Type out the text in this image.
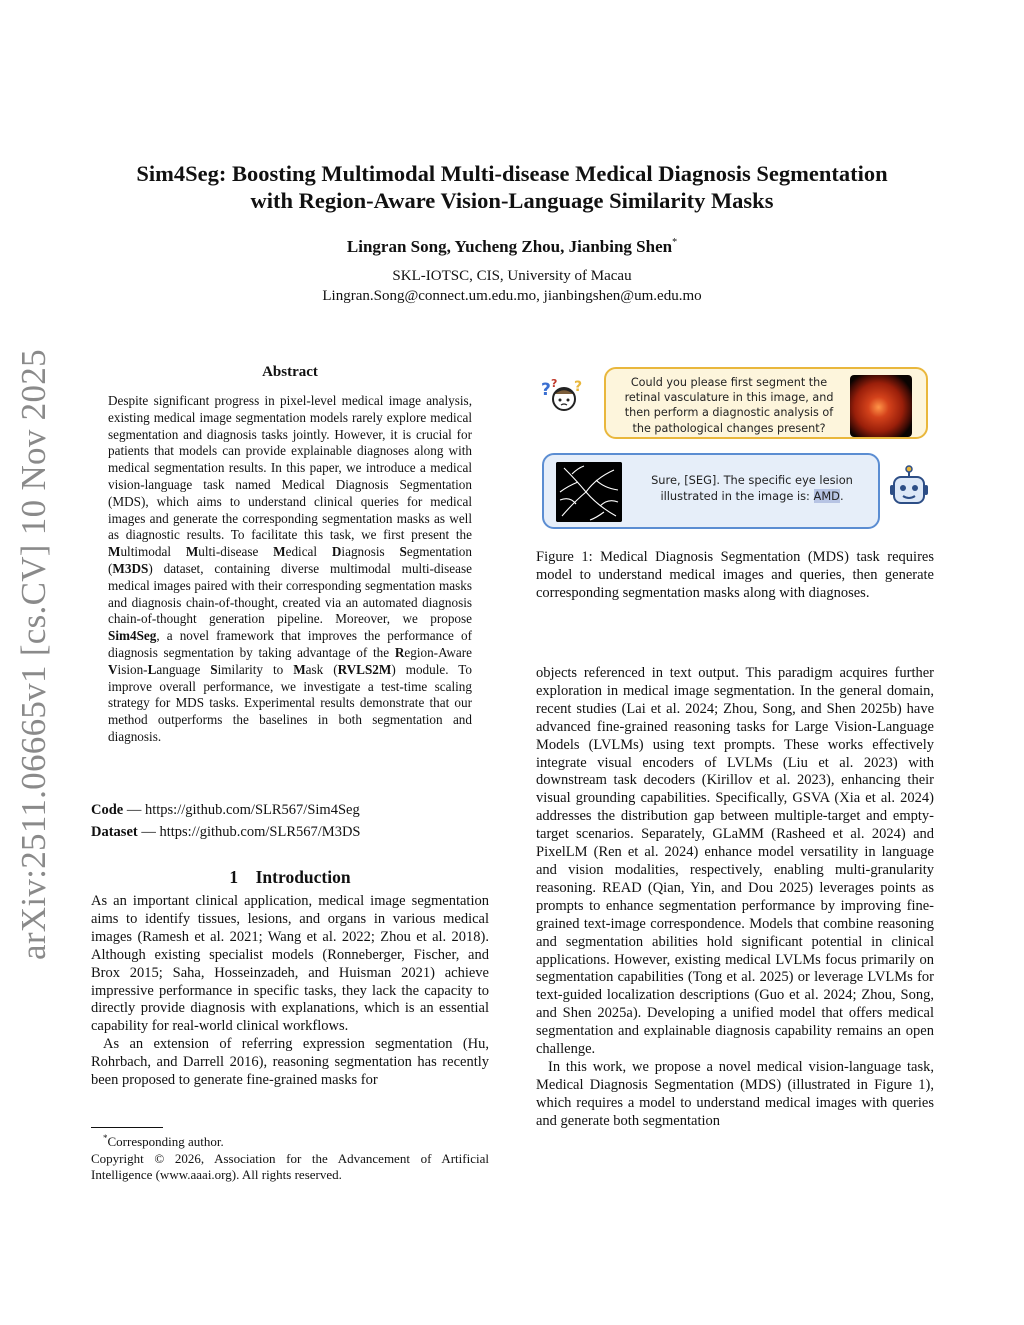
arXiv:2511.06665v1 [cs.CV] 10 Nov 2025
Sim4Seg: Boosting Multimodal Multi-disease Medical Diagnosis Segmentation
with Region-Aware Vision-Language Similarity Masks
Lingran Song, Yucheng Zhou, Jianbing Shen*
SKL-IOTSC, CIS, University of Macau
Lingran.Song@connect.um.edu.mo, jianbingshen@um.edu.mo
Abstract
Despite significant progress in pixel-level medical image analysis, existing medical image segmentation models rarely explore medical segmentation and diagnosis tasks jointly. However, it is crucial for patients that models can provide explainable diagnoses along with medical segmentation results. In this paper, we introduce a medical vision-language task named Medical Diagnosis Segmentation (MDS), which aims to understand clinical queries for medical images and generate the corresponding segmentation masks as well as diagnostic results. To facilitate this task, we first present the Multimodal Multi-disease Medical Diagnosis Segmentation (M3DS) dataset, containing diverse multimodal multi-disease medical images paired with their corresponding segmentation masks and diagnosis chain-of-thought, created via an automated diagnosis chain-of-thought generation pipeline. Moreover, we propose Sim4Seg, a novel framework that improves the performance of diagnosis segmentation by taking advantage of the Region-Aware Vision-Language Similarity to Mask (RVLS2M) module. To improve overall performance, we investigate a test-time scaling strategy for MDS tasks. Experimental results demonstrate that our method outperforms the baselines in both segmentation and diagnosis.
Code — https://github.com/SLR567/Sim4Seg
Dataset — https://github.com/SLR567/M3DS
1    Introduction

As an important clinical application, medical image segmentation aims to identify tissues, lesions, and organs in various medical images (Ramesh et al. 2021; Wang et al. 2022; Zhou et al. 2018). Although existing specialist models (Ronneberger, Fischer, and Brox 2015; Saha, Hosseinzadeh, and Huisman 2021) achieve impressive performance in specific tasks, they lack the capacity to directly provide diagnosis with explanations, which is an essential capability for real-world clinical workflows.

As an extension of referring expression segmentation (Hu, Rohrbach, and Darrell 2016), reasoning segmentation has recently been proposed to generate fine-grained masks for

*Corresponding author.
Copyright © 2026, Association for the Advancement of Artificial Intelligence (www.aaai.org). All rights reserved.
? ?
?	Could you please first segment the retinal vasculature in this image, and then perform a diagnostic analysis of the pathological changes present?
Sure, [SEG]. The specific eye lesion illustrated in the image is: AMD.
Figure 1: Medical Diagnosis Segmentation (MDS) task requires model to understand medical images and queries, then generate corresponding segmentation masks along with diagnoses.

objects referenced in text output. This paradigm acquires further exploration in medical image segmentation. In the general domain, recent studies (Lai et al. 2024; Zhou, Song, and Shen 2025b) have advanced fine-grained reasoning tasks for Large Vision-Language Models (LVLMs) using text prompts. These works effectively integrate visual encoders of LVLMs (Liu et al. 2023) with downstream task decoders (Kirillov et al. 2023), enhancing their visual grounding capabilities. Specifically, GSVA (Xia et al. 2024) addresses the distribution gap between multiple-target and empty-target scenarios. Separately, GLaMM (Rasheed et al. 2024) and PixelLM (Ren et al. 2024) enhance model versatility in language and vision modalities, respectively, enabling multi-granularity reasoning. READ (Qian, Yin, and Dou 2025) leverages points as prompts to enhance segmentation performance by improving fine-grained text-image correspondence. Models that combine reasoning and segmentation abilities hold significant potential in clinical applications. However, existing medical LVLMs focus primarily on segmentation capabilities (Tong et al. 2025) or leverage LVLMs for text-guided localization descriptions (Guo et al. 2024; Zhou, Song, and Shen 2025a). Developing a unified model that offers medical segmentation and explainable diagnosis capability remains an open challenge.

In this work, we propose a novel medical vision-language task, Medical Diagnosis Segmentation (MDS) (illustrated in Figure 1), which requires a model to understand medical images with queries and generate both segmentation
